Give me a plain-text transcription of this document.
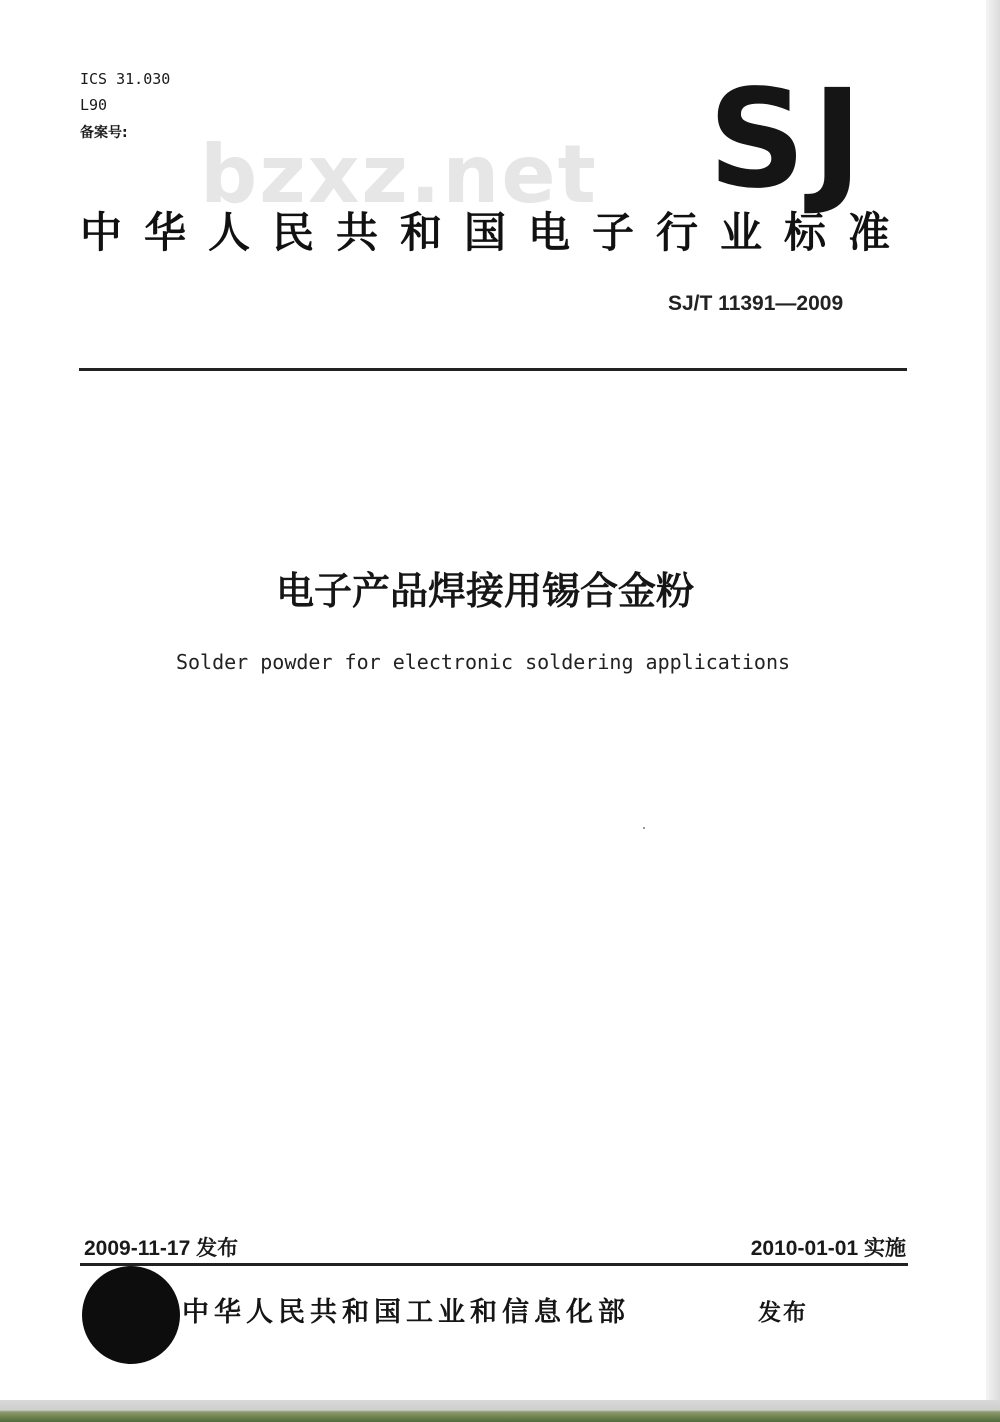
ICS 31.030
L90
备案号: bzxz.net SJ
中华人民共和国电子行业标准
SJ/T 11391—2009
电子产品焊接用锡合金粉
Solder powder for electronic soldering applications
2009-11-17 发布	2010-01-01 实施
中华人民共和国工业和信息化部	发布
